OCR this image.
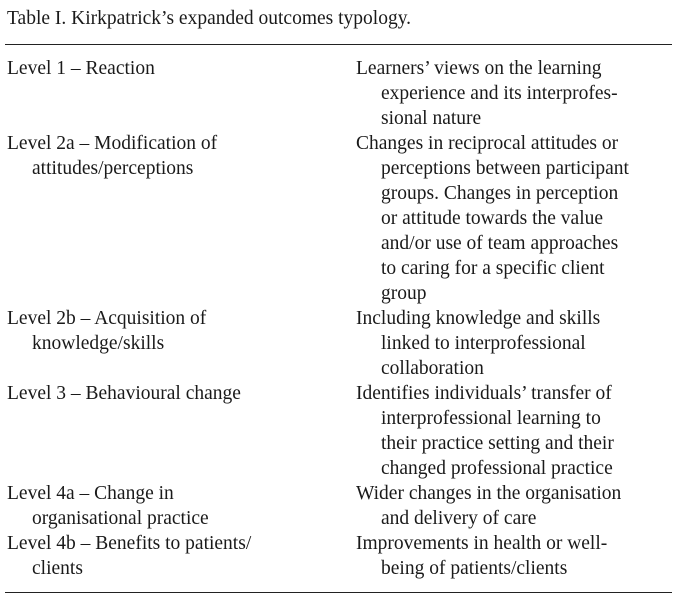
Table I. Kirkpatrick’s expanded outcomes typology.
Level 1 – Reaction	Learners’ views on the learning
experience and its interprofes-
sional nature
Level 2a – Modification of
attitudes/perceptions
Changes in reciprocal attitudes or
perceptions between participant
groups. Changes in perception
or attitude towards the value
and/or use of team approaches
to caring for a specific client
group
Level 2b – Acquisition of
knowledge/skills
Including knowledge and skills
linked to interprofessional
collaboration
Level 3 – Behavioural change	Identifies individuals’ transfer of
interprofessional learning to
their practice setting and their
changed professional practice
Level 4a – Change in
organisational practice
Wider changes in the organisation
and delivery of care
Level 4b – Benefits to patients/
clients
Improvements in health or well-
being of patients/clients
